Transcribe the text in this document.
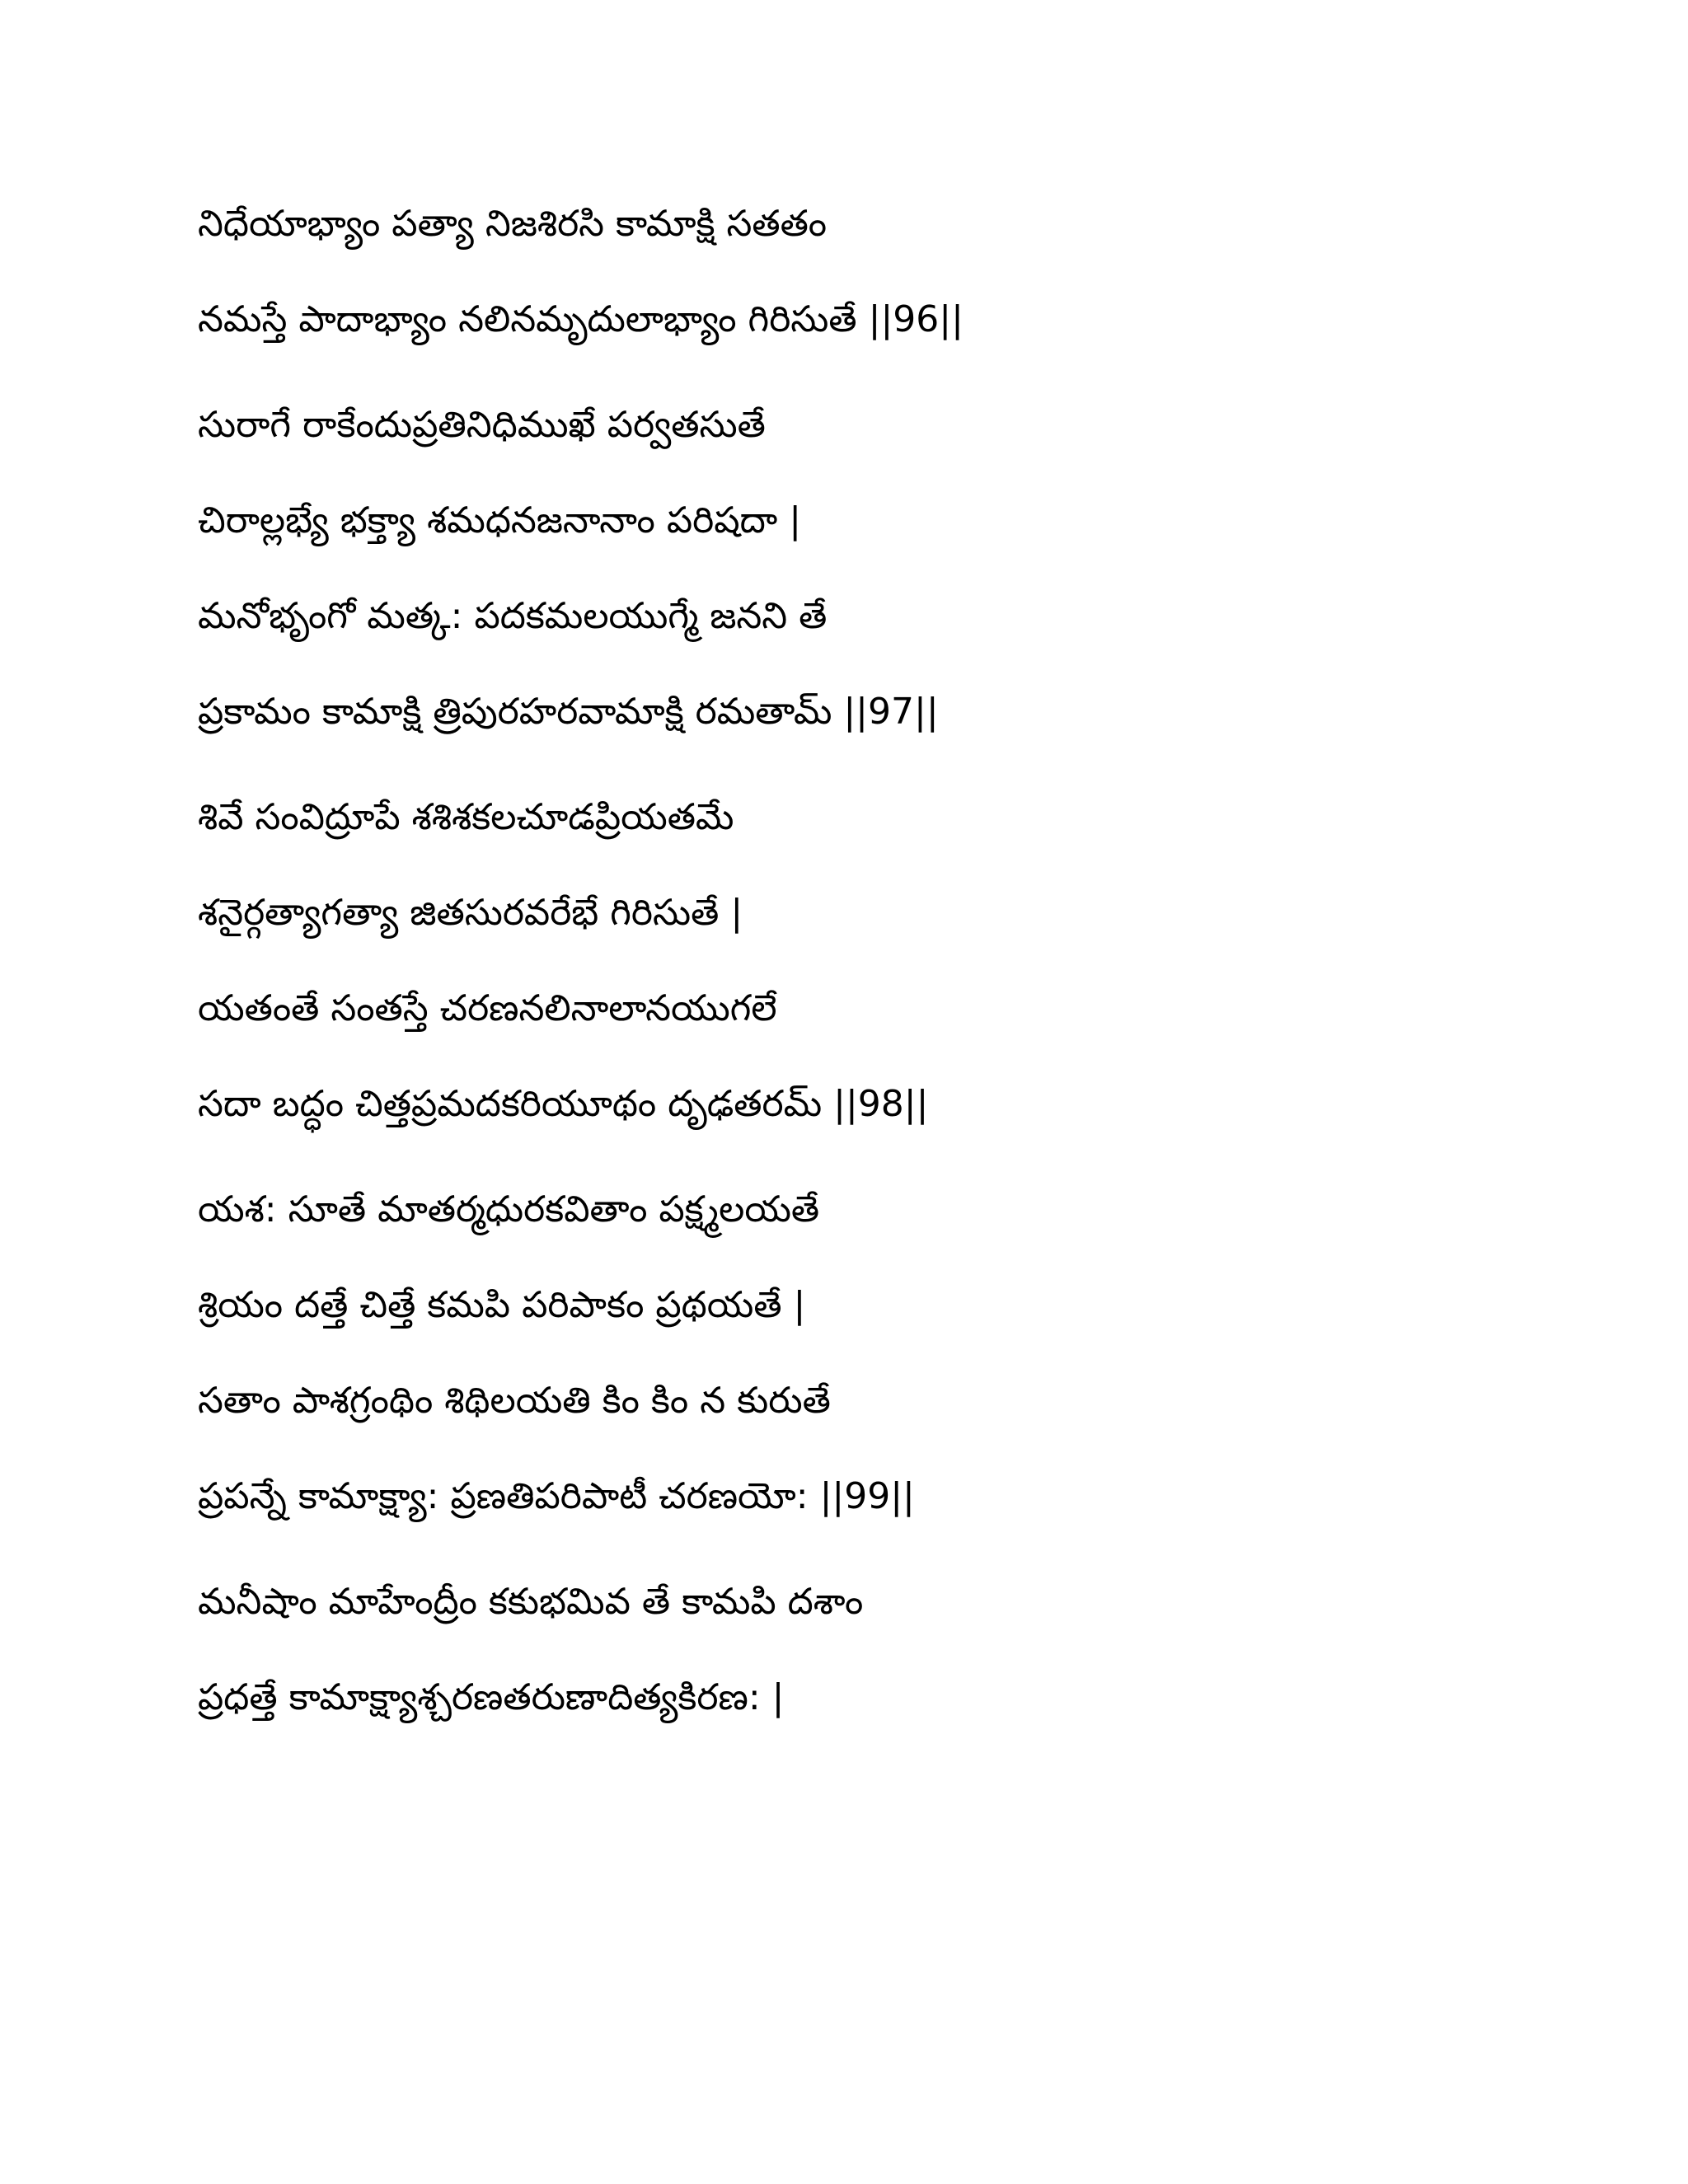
నిధేయాభ్యాం పత్యా నిజశిరసి కామాక్షి సతతం
నమస్తే పాదాభ్యాం నలినమృదులాభ్యాం గిరిసుతే ||96||
సురాగే రాకేందుప్రతినిధిముఖే పర్వతసుతే
చిరాల్లభ్యే భక్త్యా శమధనజనానాం పరిషదా |
మనోభృంగో మత్క: పదకమలయుగ్మే జనని తే
ప్రకామం కామాక్షి త్రిపురహరవామాక్షి రమతామ్ ||97||
శివే సంవిద్రూపే శశిశకలచూడప్రియతమే
శనైర్గత్యాగత్యా జితసురవరేభే గిరిసుతే |
యతంతే సంతస్తే చరణనలినాలానయుగలే
సదా బద్ధం చిత్తప్రమదకరియూథం దృఢతరమ్ ||98||
యశ: సూతే మాతర్మధురకవితాం పక్ష్మలయతే
శ్రియం దత్తే చిత్తే కమపి పరిపాకం ప్రథయతే |
సతాం పాశగ్రంథిం శిథిలయతి కిం కిం న కురుతే
ప్రపన్నే కామాక్ష్యా: ప్రణతిపరిపాటీ చరణయో: ||99||
మనీషాం మాహేంద్రీం కకుభమివ తే కామపి దశాం
ప్రధత్తే కామాక్ష్యాశ్చరణతరుణాదిత్యకిరణ: |
